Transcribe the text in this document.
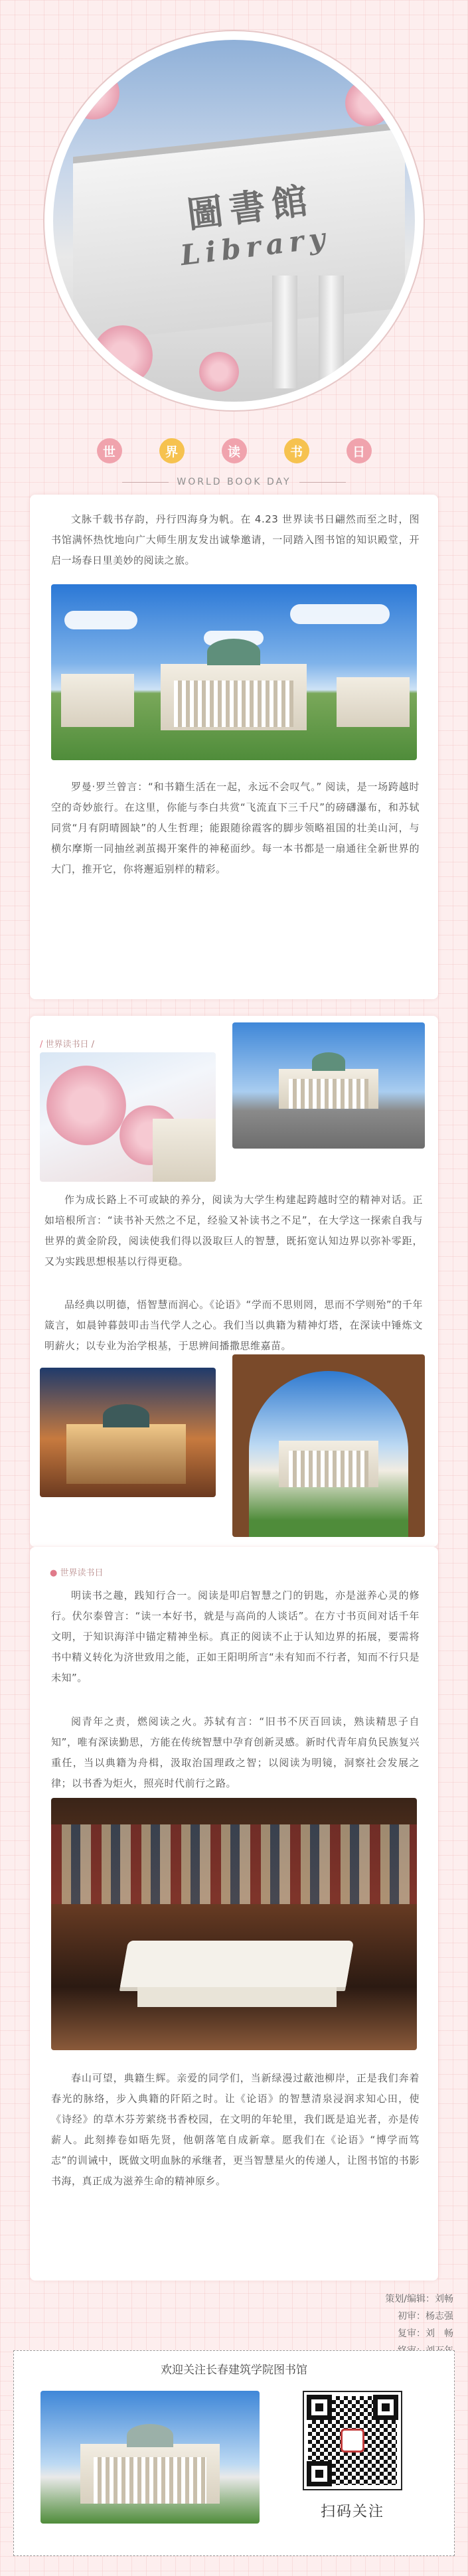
圖書館
Library
世	界	读	书	日
WORLD BOOK DAY

文脉千载书存韵，丹行四海身为帆。在 4.23 世界读书日翩然而至之时，图书馆满怀热忱地向广大师生朋友发出诚挚邀请，一同踏入图书馆的知识殿堂，开启一场春日里美妙的阅读之旅。

罗曼·罗兰曾言：“和书籍生活在一起，永远不会叹气。” 阅读，是一场跨越时空的奇妙旅行。在这里，你能与李白共赏“飞流直下三千尺”的磅礴瀑布，和苏轼同赏“月有阴晴圆缺”的人生哲理；能跟随徐霞客的脚步领略祖国的壮美山河，与横尔摩斯一同抽丝剥茧揭开案件的神秘面纱。每一本书都是一扇通往全新世界的大门，推开它，你将邂逅别样的精彩。

/ 世界读书日 /

作为成长路上不可或缺的养分，阅读为大学生构建起跨越时空的精神对话。正如培根所言：“读书补天然之不足，经验又补读书之不足”，在大学这一探索自我与世界的黄金阶段，阅读使我们得以汲取巨人的智慧，既拓宽认知边界以弥补零距，又为实践思想根基以行得更稳。

品经典以明德，悟智慧而润心。《论语》“学而不思则罔，思而不学则殆”的千年箴言，如晨钟暮鼓叩击当代学人之心。我们当以典籍为精神灯塔，在深读中锤炼文明薪火；以专业为治学根基，于思辨间播撒思维嘉苗。

● 世界读书日

明读书之趣，践知行合一。阅读是叩启智慧之门的钥匙，亦是滋养心灵的修行。伏尔泰曾言：“读一本好书，就是与高尚的人谈话”。在方寸书页间对话千年文明，于知识海洋中锚定精神坐标。真正的阅读不止于认知边界的拓展，要需将书中精义转化为济世致用之能，正如王阳明所言“未有知而不行者，知而不行只是未知”。

阅青年之责，燃阅读之火。苏轼有言：“旧书不厌百回读，熟读精思子自知”，唯有深读勤思，方能在传统智慧中孕育创新灵感。新时代青年肩负民族复兴重任，当以典籍为舟楫，汲取治国理政之智；以阅读为明镜，洞察社会发展之律；以书香为炬火，照亮时代前行之路。

春山可望，典籍生辉。亲爱的同学们，当新绿漫过蔽池柳岸，正是我们奔着春光的脉络，步入典籍的阡陌之时。让《论语》的智慧清泉浸润求知心田，使《诗经》的草木芬芳萦绕书香校园，在文明的年轮里，我们既是追光者，亦是传薪人。此刻捧卷如晤先贤，他朝落笔自成新章。愿我们在《论语》“博学而笃志”的训诫中，既做文明血脉的承继者，更当智慧星火的传递人，让图书馆的书影书海，真正成为滋养生命的精神原乡。

策划/编辑：刘畅
初审：杨志强
复审：刘　畅
欢迎关注长春建筑学院图书馆
扫码关注
